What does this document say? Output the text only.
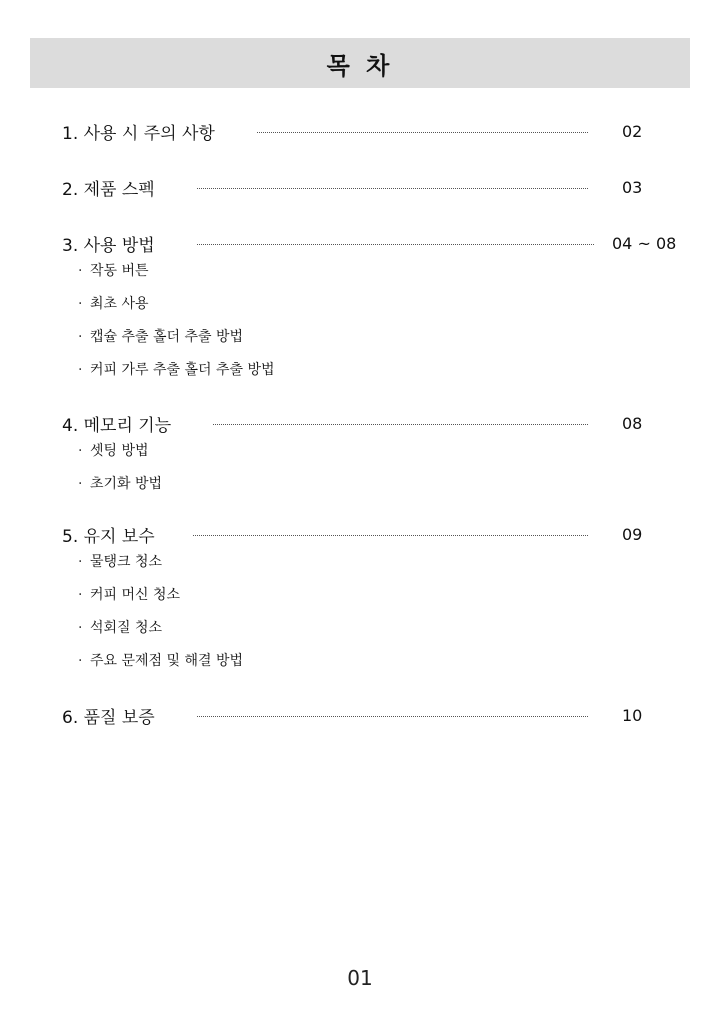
목 차
1. 사용 시 주의 사항	02
2. 제품 스펙	03
3. 사용 방법	04 ~ 08
· 작동 버튼
· 최초 사용
· 캡슐 추출 홀더 추출 방법
· 커피 가루 추출 홀더 추출 방법
4. 메모리 기능	08
· 셋팅 방법
· 초기화 방법
5. 유지 보수	09
· 물탱크 청소
· 커피 머신 청소
· 석회질 청소
· 주요 문제점 및 해결 방법
6. 품질 보증	10
01
